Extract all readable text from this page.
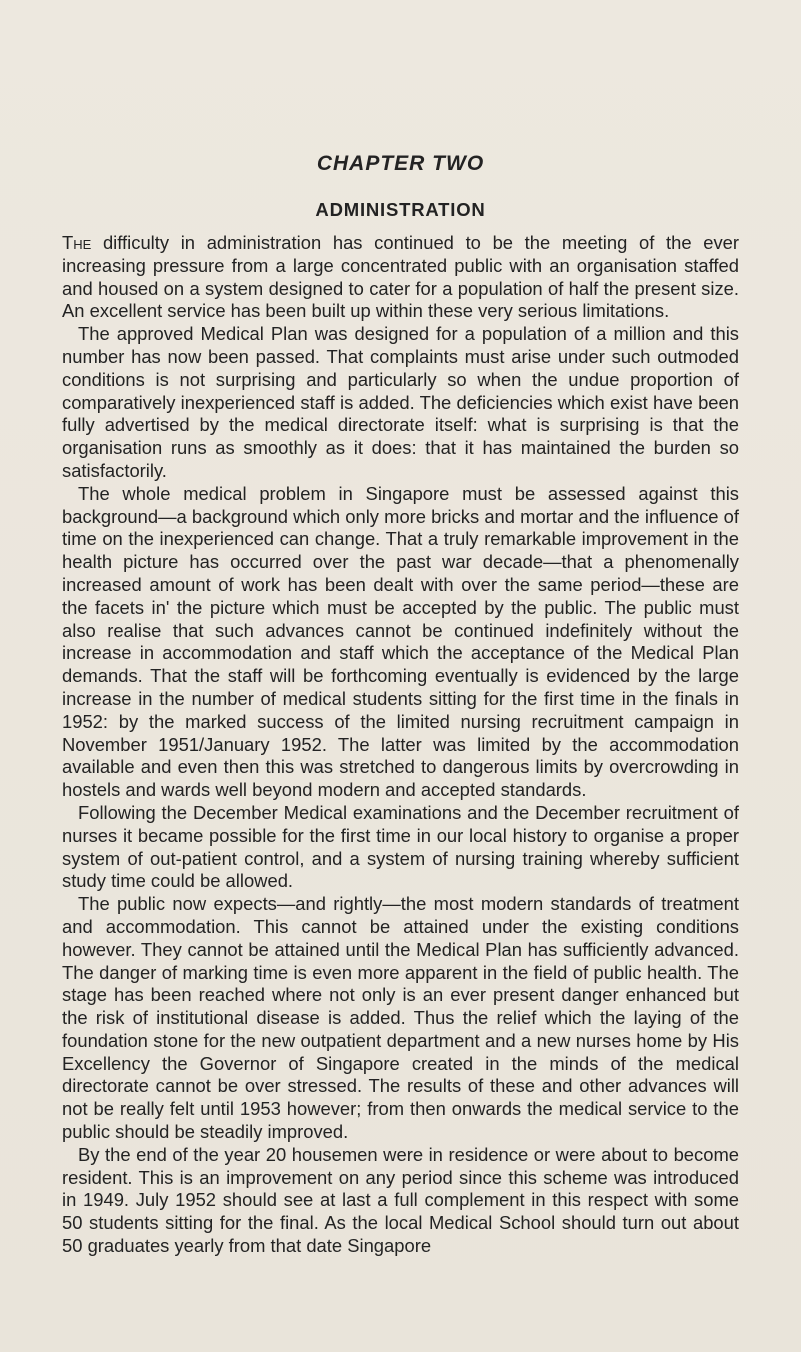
CHAPTER TWO
ADMINISTRATION

The difficulty in administration has continued to be the meeting of the ever increasing pressure from a large concentrated public with an organisation staffed and housed on a system designed to cater for a population of half the present size. An excellent service has been built up within these very serious limitations.

The approved Medical Plan was designed for a population of a million and this number has now been passed. That complaints must arise under such outmoded conditions is not surprising and particularly so when the undue proportion of comparatively inexperienced staff is added. The deficiencies which exist have been fully advertised by the medical directorate itself: what is surprising is that the organisation runs as smoothly as it does: that it has maintained the burden so satisfactorily.

The whole medical problem in Singapore must be assessed against this background—a background which only more bricks and mortar and the influence of time on the inexperienced can change. That a truly remarkable improvement in the health picture has occurred over the past war decade—that a phenomenally increased amount of work has been dealt with over the same period—these are the facets in' the picture which must be accepted by the public. The public must also realise that such advances cannot be continued indefinitely without the increase in accommodation and staff which the acceptance of the Medical Plan demands. That the staff will be forthcoming eventually is evidenced by the large increase in the number of medical students sitting for the first time in the finals in 1952: by the marked success of the limited nursing recruitment campaign in November 1951/January 1952. The latter was limited by the accommodation available and even then this was stretched to dangerous limits by overcrowding in hostels and wards well beyond modern and accepted standards.

Following the December Medical examinations and the December recruitment of nurses it became possible for the first time in our local history to organise a proper system of out-patient control, and a system of nursing training whereby sufficient study time could be allowed.

The public now expects—and rightly—the most modern standards of treatment and accommodation. This cannot be attained under the existing conditions however. They cannot be attained until the Medical Plan has sufficiently advanced. The danger of marking time is even more apparent in the field of public health. The stage has been reached where not only is an ever present danger enhanced but the risk of institutional disease is added. Thus the relief which the laying of the foundation stone for the new outpatient department and a new nurses home by His Excellency the Governor of Singapore created in the minds of the medical directorate cannot be over stressed. The results of these and other advances will not be really felt until 1953 however; from then onwards the medical service to the public should be steadily improved.

By the end of the year 20 housemen were in residence or were about to become resident. This is an improvement on any period since this scheme was introduced in 1949. July 1952 should see at last a full complement in this respect with some 50 students sitting for the final. As the local Medical School should turn out about 50 graduates yearly from that date Singapore
